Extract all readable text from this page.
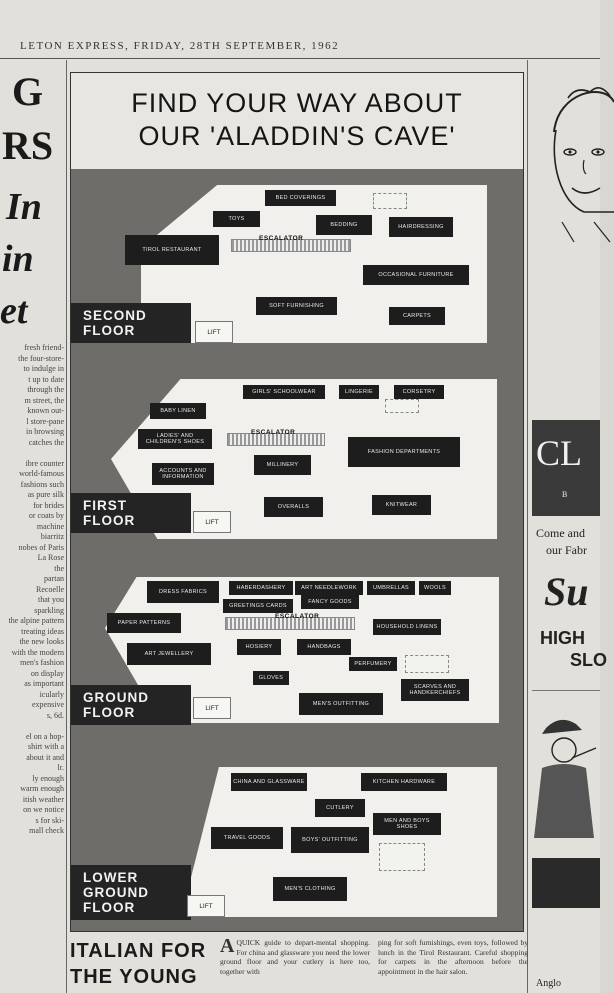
LETON EXPRESS, FRIDAY, 28TH SEPTEMBER, 1962
G
RS
In
in
et
fresh friend-
the four-store-
to indulge in
t up to date
through the
m street, the
known out-
l store-pane
in browsing
catches the

ibre counter
world-famous
fashions such
as pure silk
for brides
or coats by
machine
biarritz
nobes of Paris
La Rose
the
partan
Recoelle
that you
sparkling
the alpine pattern
treating ideas
the new looks
with the modern
men's fashion
on display
as important
icularly
expensive
s, 6d.

el on a hop-
shirt with a
about it and
lr.
ly enough
warm enough
itish weather
on we notice
s for ski-
mall check
FIND YOUR WAY ABOUT
OUR 'ALADDIN'S CAVE'
BED COVERINGS
TOYS
BEDDING	HAIRDRESSING
TIROL RESTAURANT
ESCALATOR
OCCASIONAL FURNITURE
SOFT FURNISHING
CARPETS
SECOND
FLOOR	LIFT
BABY LINEN
GIRLS' SCHOOLWEAR	LINGERIE	CORSETRY
LADIES' AND CHILDREN'S SHOES
ESCALATOR
ACCOUNTS AND INFORMATION
MILLINERY
FASHION DEPARTMENTS
OVERALLS	KNITWEAR
FIRST
FLOOR	LIFT
DRESS FABRICS
HABERDASHERY	ART NEEDLEWORK	UMBRELLAS	WOOLS
GREETINGS CARDS
FANCY GOODS
PAPER PATTERNS
ESCALATOR
HOUSEHOLD LINENS
ART JEWELLERY
HOSIERY	HANDBAGS
PERFUMERY
GLOVES
SCARVES AND HANDKERCHIEFS
MEN'S OUTFITTING
GROUND
FLOOR	LIFT
CHINA AND GLASSWARE	KITCHEN HARDWARE
CUTLERY
MEN AND BOYS SHOES
TRAVEL GOODS	BOYS' OUTFITTING
MEN'S CLOTHING
LOWER
GROUND
FLOOR	LIFT
ITALIAN FOR
THE YOUNG
AQUICK guide to depart-mental shopping. For china and glassware you need the lower ground floor and your cutlery is here too, together with
ping for soft furnishings, even toys, followed by lunch in the Tirol Restaurant. Careful shopping for carpets in the afternoon before the appointment in the hair salon.
CL
B
Come and
our Fabr
Su
HIGH
SLO
Anglo
